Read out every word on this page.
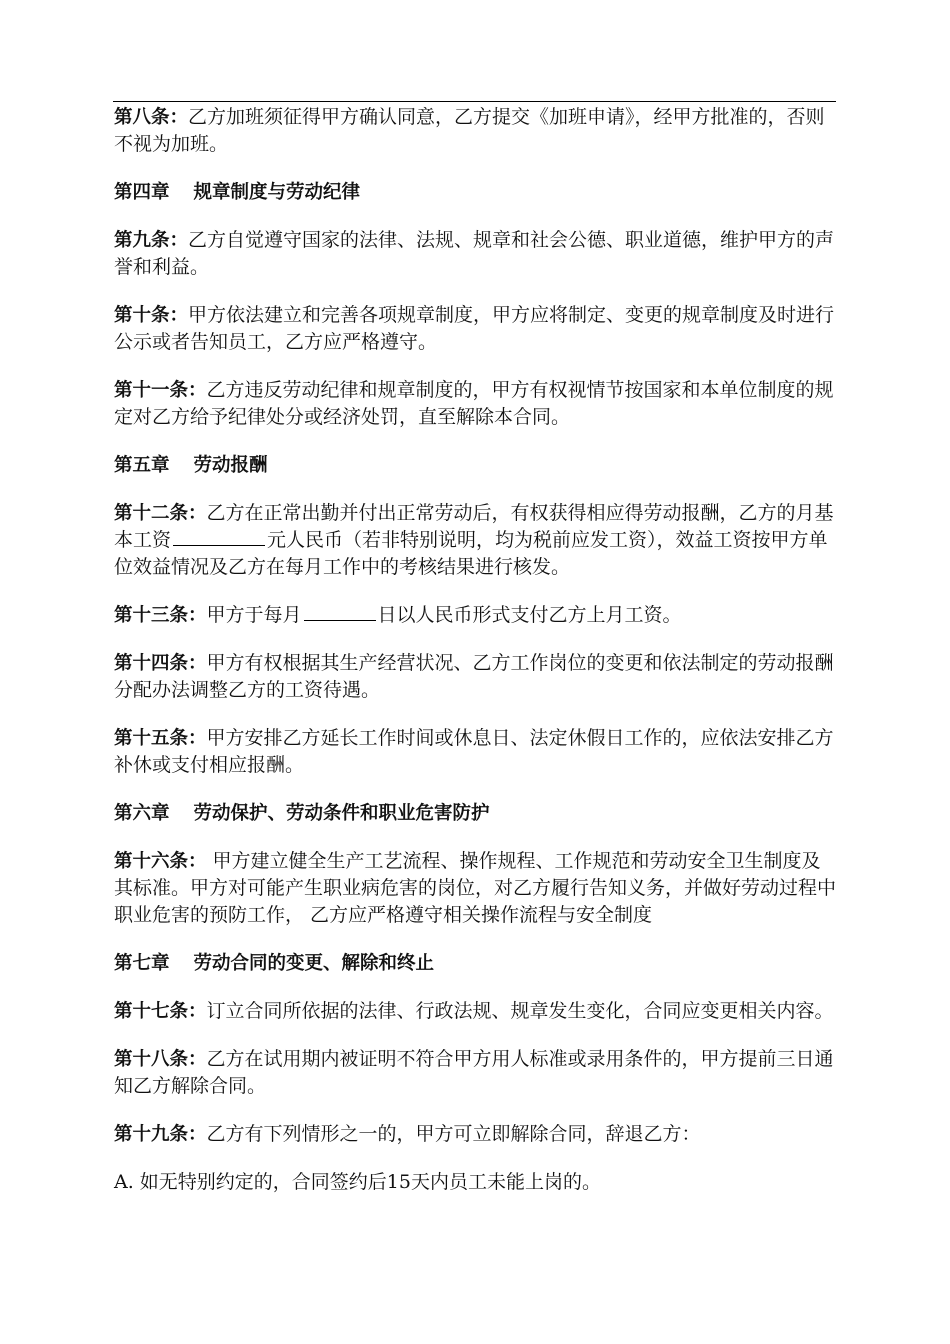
第八条：乙方加班须征得甲方确认同意，乙方提交《加班申请》，经甲方批准的，否则不视为加班。

第四章 规章制度与劳动纪律

第九条：乙方自觉遵守国家的法律、法规、规章和社会公德、职业道德，维护甲方的声誉和利益。

第十条：甲方依法建立和完善各项规章制度，甲方应将制定、变更的规章制度及时进行公示或者告知员工，乙方应严格遵守。

第十一条：乙方违反劳动纪律和规章制度的，甲方有权视情节按国家和本单位制度的规定对乙方给予纪律处分或经济处罚，直至解除本合同。

第五章 劳动报酬

第十二条：乙方在正常出勤并付出正常劳动后，有权获得相应得劳动报酬，乙方的月基本工资	元人民币（若非特别说明，均为税前应发工资），效益工资按甲方单位效益情况及乙方在每月工作中的考核结果进行核发。

第十三条：甲方于每月	日以人民币形式支付乙方上月工资。

第十四条：甲方有权根据其生产经营状况、乙方工作岗位的变更和依法制定的劳动报酬分配办法调整乙方的工资待遇。

第十五条：甲方安排乙方延长工作时间或休息日、法定休假日工作的，应依法安排乙方补休或支付相应报酬。

第六章 劳动保护、劳动条件和职业危害防护

第十六条： 甲方建立健全生产工艺流程、操作规程、工作规范和劳动安全卫生制度及其标准。甲方对可能产生职业病危害的岗位，对乙方履行告知义务，并做好劳动过程中职业危害的预防工作， 乙方应严格遵守相关操作流程与安全制度

第七章 劳动合同的变更、解除和终止

第十七条：订立合同所依据的法律、行政法规、规章发生变化，合同应变更相关内容。

第十八条：乙方在试用期内被证明不符合甲方用人标准或录用条件的，甲方提前三日通知乙方解除合同。

第十九条：乙方有下列情形之一的，甲方可立即解除合同，辞退乙方：

A. 如无特别约定的，合同签约后15天内员工未能上岗的。
